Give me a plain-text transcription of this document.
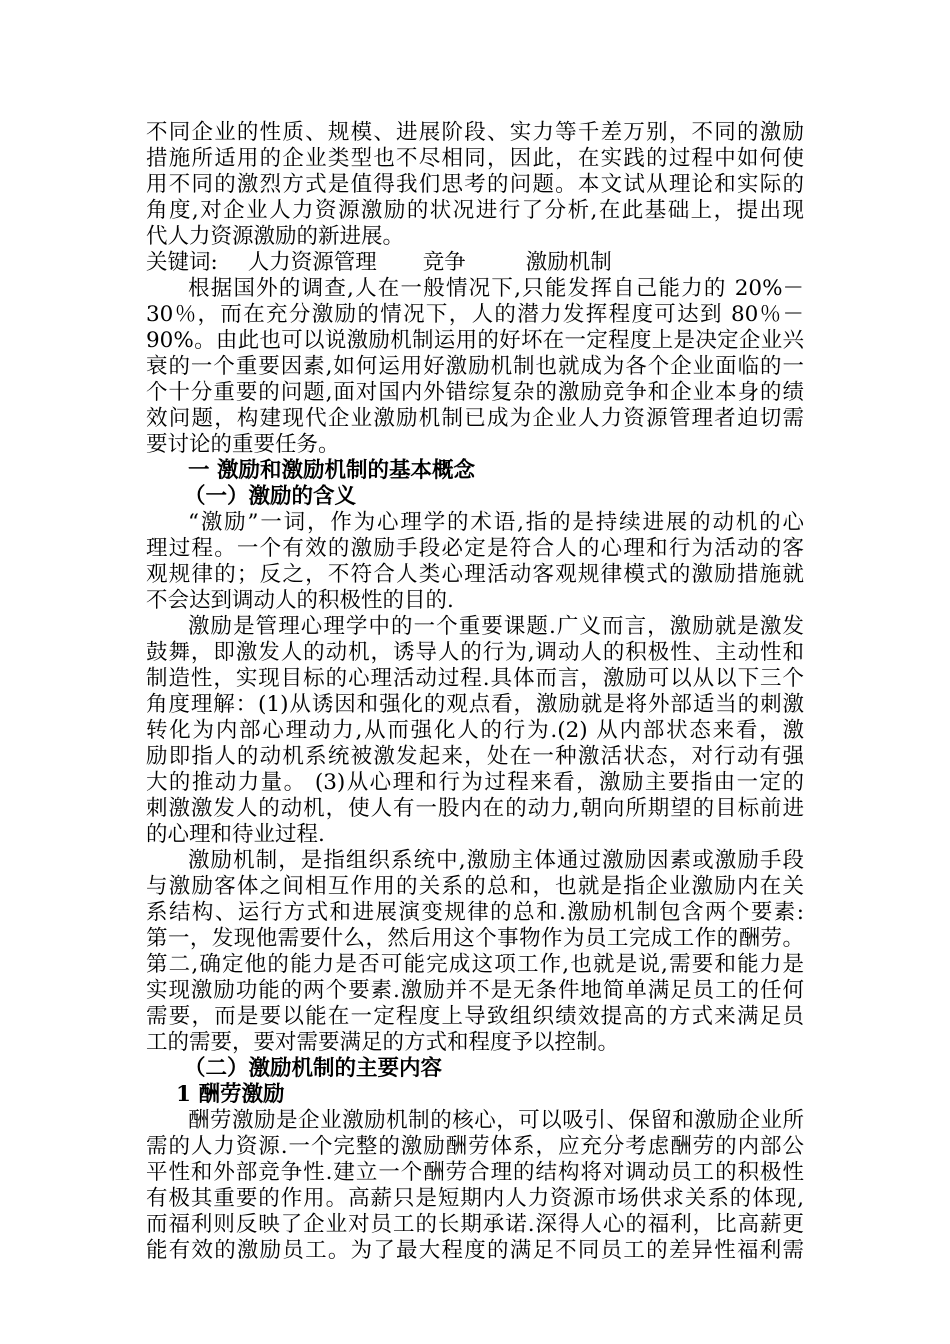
不同企业的性质、规模、进展阶段、实力等千差万别，不同的激励
措施所适用的企业类型也不尽相同，因此，在实践的过程中如何使
用不同的激烈方式是值得我们思考的问题。本文试从理论和实际的
角度,对企业人力资源激励的状况进行了分析,在此基础上，提出现
代人力资源激励的新进展。
关键词: 人力资源管理 竞争	激励机制
根据国外的调查,人在一般情况下,只能发挥自己能力的 20%－
30％，而在充分激励的情况下，人的潜力发挥程度可达到 80％－
90%。由此也可以说激励机制运用的好坏在一定程度上是决定企业兴
衰的一个重要因素,如何运用好激励机制也就成为各个企业面临的一
个十分重要的问题,面对国内外错综复杂的激励竞争和企业本身的绩
效问题，构建现代企业激励机制已成为企业人力资源管理者迫切需
要讨论的重要任务。
一 激励和激励机制的基本概念
（一）激励的含义
“激励”一词，作为心理学的术语,指的是持续进展的动机的心
理过程。一个有效的激励手段必定是符合人的心理和行为活动的客
观规律的；反之，不符合人类心理活动客观规律模式的激励措施就
不会达到调动人的积极性的目的.
激励是管理心理学中的一个重要课题.广义而言，激励就是激发
鼓舞，即激发人的动机，诱导人的行为,调动人的积极性、主动性和
制造性，实现目标的心理活动过程.具体而言，激励可以从以下三个
角度理解：(1)从诱因和强化的观点看，激励就是将外部适当的刺激
转化为内部心理动力,从而强化人的行为.(2) 从内部状态来看，激
励即指人的动机系统被激发起来，处在一种激活状态，对行动有强
大的推动力量。 (3)从心理和行为过程来看，激励主要指由一定的
刺激激发人的动机，使人有一股内在的动力,朝向所期望的目标前进
的心理和待业过程.
激励机制，是指组织系统中,激励主体通过激励因素或激励手段
与激励客体之间相互作用的关系的总和，也就是指企业激励内在关
系结构、运行方式和进展演变规律的总和.激励机制包含两个要素:
第一，发现他需要什么，然后用这个事物作为员工完成工作的酬劳。
第二,确定他的能力是否可能完成这项工作,也就是说,需要和能力是
实现激励功能的两个要素.激励并不是无条件地简单满足员工的任何
需要，而是要以能在一定程度上导致组织绩效提高的方式来满足员
工的需要，要对需要满足的方式和程度予以控制。
（二）激励机制的主要内容
1 酬劳激励
酬劳激励是企业激励机制的核心，可以吸引、保留和激励企业所
需的人力资源.一个完整的激励酬劳体系，应充分考虑酬劳的内部公
平性和外部竞争性.建立一个酬劳合理的结构将对调动员工的积极性
有极其重要的作用。高薪只是短期内人力资源市场供求关系的体现,
而福利则反映了企业对员工的长期承诺.深得人心的福利，比高薪更
能有效的激励员工。为了最大程度的满足不同员工的差异性福利需
